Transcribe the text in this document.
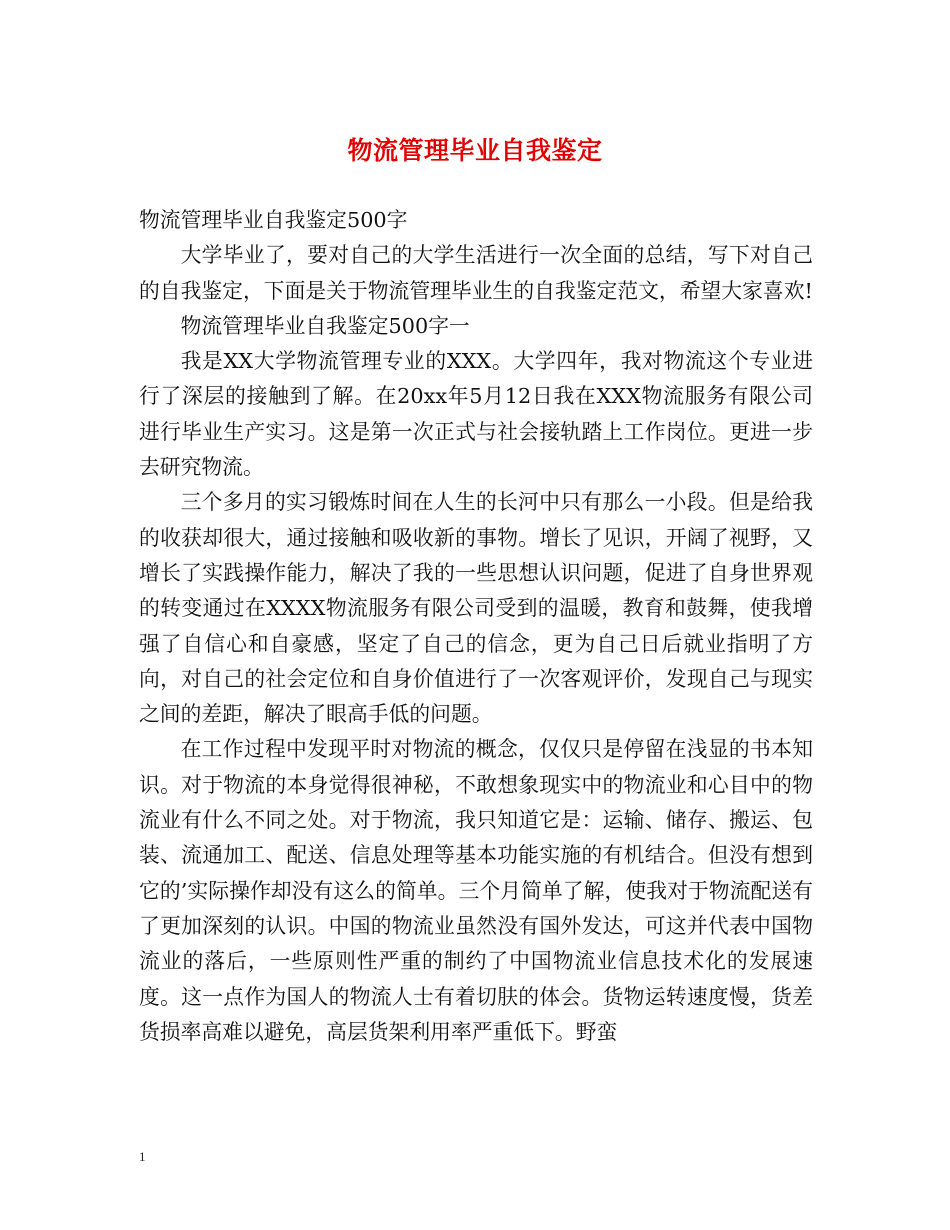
物流管理毕业自我鉴定

物流管理毕业自我鉴定500字

大学毕业了，要对自己的大学生活进行一次全面的总结，写下对自己的自我鉴定，下面是关于物流管理毕业生的自我鉴定范文，希望大家喜欢!

物流管理毕业自我鉴定500字一

我是XX大学物流管理专业的XXX。大学四年，我对物流这个专业进行了深层的接触到了解。在20xx年5月12日我在XXX物流服务有限公司进行毕业生产实习。这是第一次正式与社会接轨踏上工作岗位。更进一步去研究物流。

三个多月的实习锻炼时间在人生的长河中只有那么一小段。但是给我的收获却很大，通过接触和吸收新的事物。增长了见识，开阔了视野，又增长了实践操作能力，解决了我的一些思想认识问题，促进了自身世界观的转变通过在XXXX物流服务有限公司受到的温暖，教育和鼓舞，使我增强了自信心和自豪感，坚定了自己的信念，更为自己日后就业指明了方向，对自己的社会定位和自身价值进行了一次客观评价，发现自己与现实之间的差距，解决了眼高手低的问题。

在工作过程中发现平时对物流的概念，仅仅只是停留在浅显的书本知识。对于物流的本身觉得很神秘，不敢想象现实中的物流业和心目中的物流业有什么不同之处。对于物流，我只知道它是：运输、储存、搬运、包装、流通加工、配送、信息处理等基本功能实施的有机结合。但没有想到它的’实际操作却没有这么的简单。三个月简单了解，使我对于物流配送有了更加深刻的认识。中国的物流业虽然没有国外发达，可这并代表中国物流业的落后，一些原则性严重的制约了中国物流业信息技术化的发展速度。这一点作为国人的物流人士有着切肤的体会。货物运转速度慢，货差货损率高难以避免，高层货架利用率严重低下。野蛮

1
